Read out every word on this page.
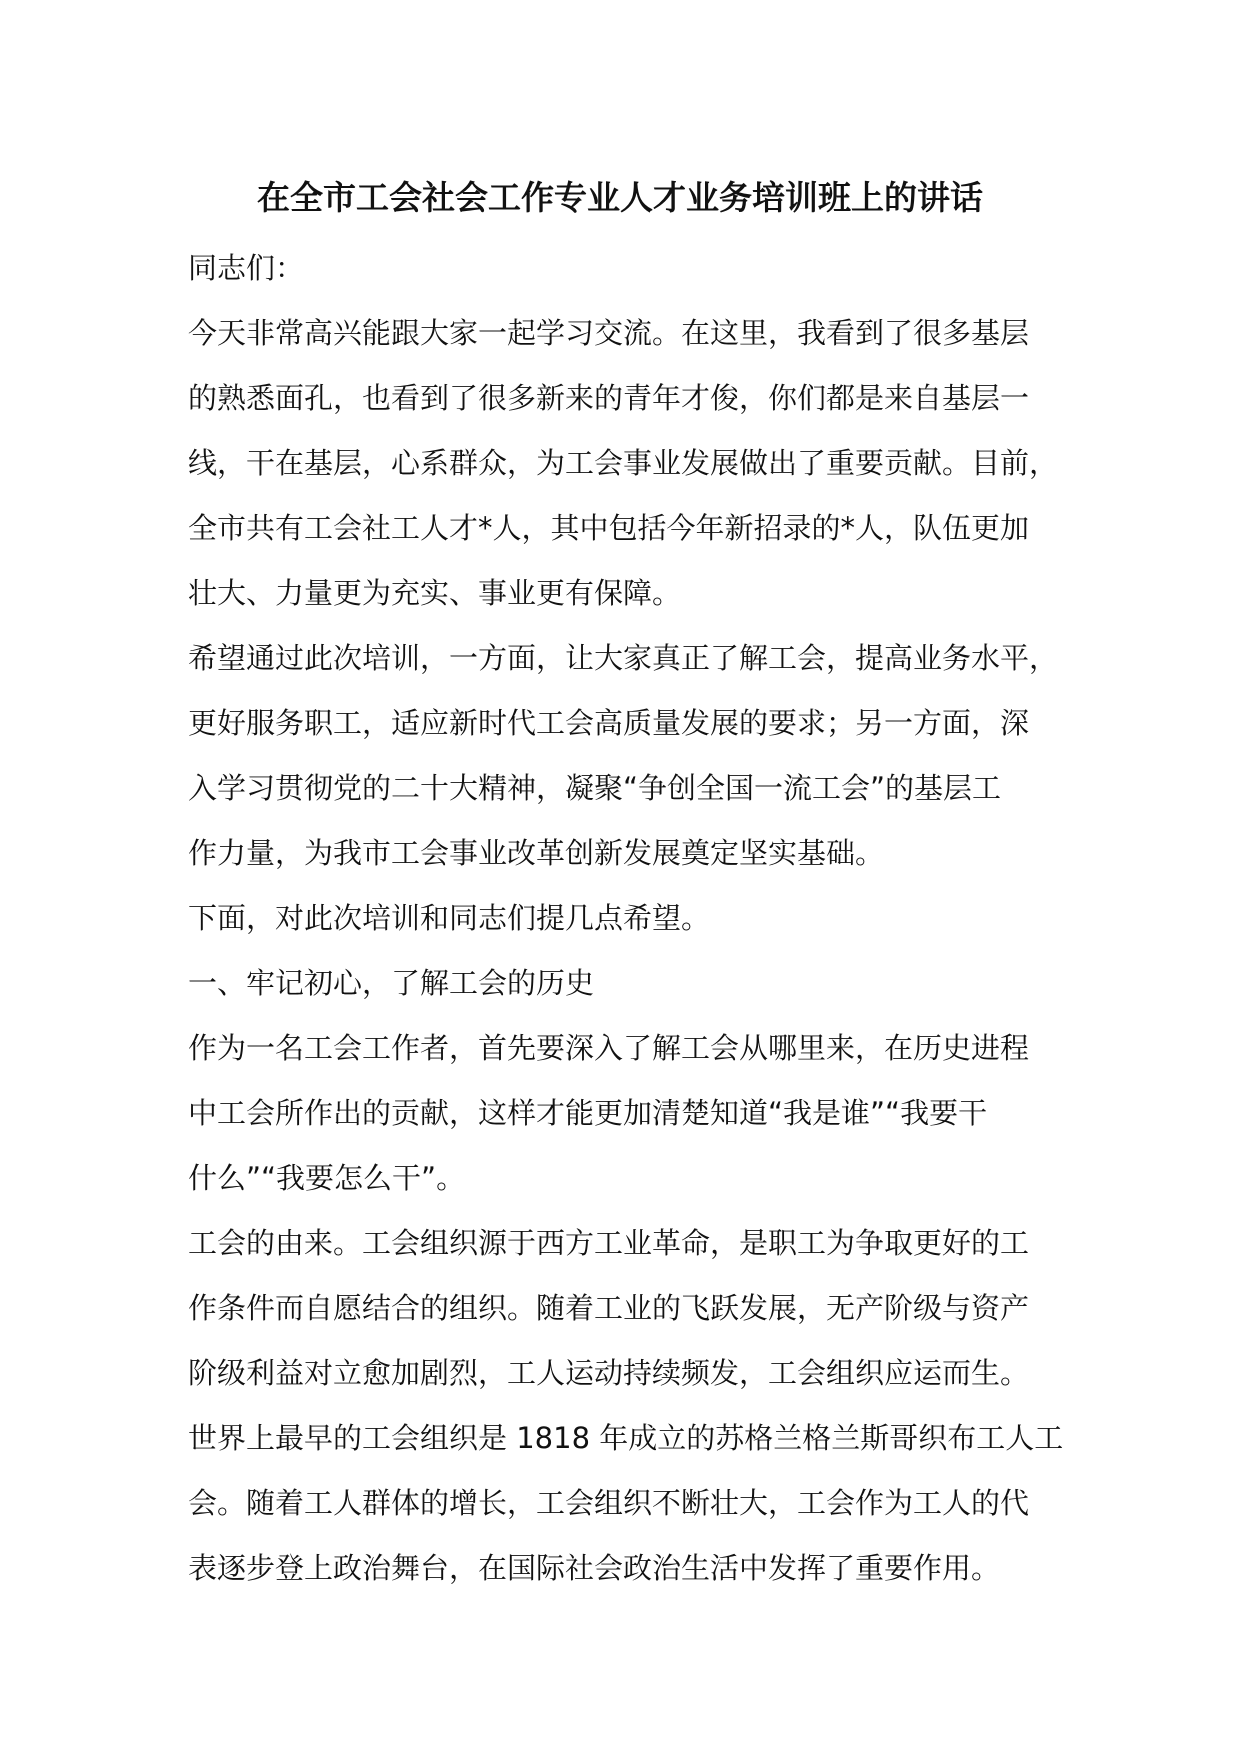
在全市工会社会工作专业人才业务培训班上的讲话
同志们：
今天非常高兴能跟大家一起学习交流。在这里，我看到了很多基层
的熟悉面孔，也看到了很多新来的青年才俊，你们都是来自基层一
线，干在基层，心系群众，为工会事业发展做出了重要贡献。目前，
全市共有工会社工人才*人，其中包括今年新招录的*人，队伍更加
壮大、力量更为充实、事业更有保障。
希望通过此次培训，一方面，让大家真正了解工会，提高业务水平，
更好服务职工，适应新时代工会高质量发展的要求；另一方面，深
入学习贯彻党的二十大精神，凝聚“争创全国一流工会”的基层工
作力量，为我市工会事业改革创新发展奠定坚实基础。
下面，对此次培训和同志们提几点希望。
一、牢记初心，了解工会的历史
作为一名工会工作者，首先要深入了解工会从哪里来，在历史进程
中工会所作出的贡献，这样才能更加清楚知道“我是谁”“我要干
什么”“我要怎么干”。
工会的由来。工会组织源于西方工业革命，是职工为争取更好的工
作条件而自愿结合的组织。随着工业的飞跃发展，无产阶级与资产
阶级利益对立愈加剧烈，工人运动持续频发，工会组织应运而生。
世界上最早的工会组织是 1818 年成立的苏格兰格兰斯哥织布工人工
会。随着工人群体的增长，工会组织不断壮大，工会作为工人的代
表逐步登上政治舞台，在国际社会政治生活中发挥了重要作用。
